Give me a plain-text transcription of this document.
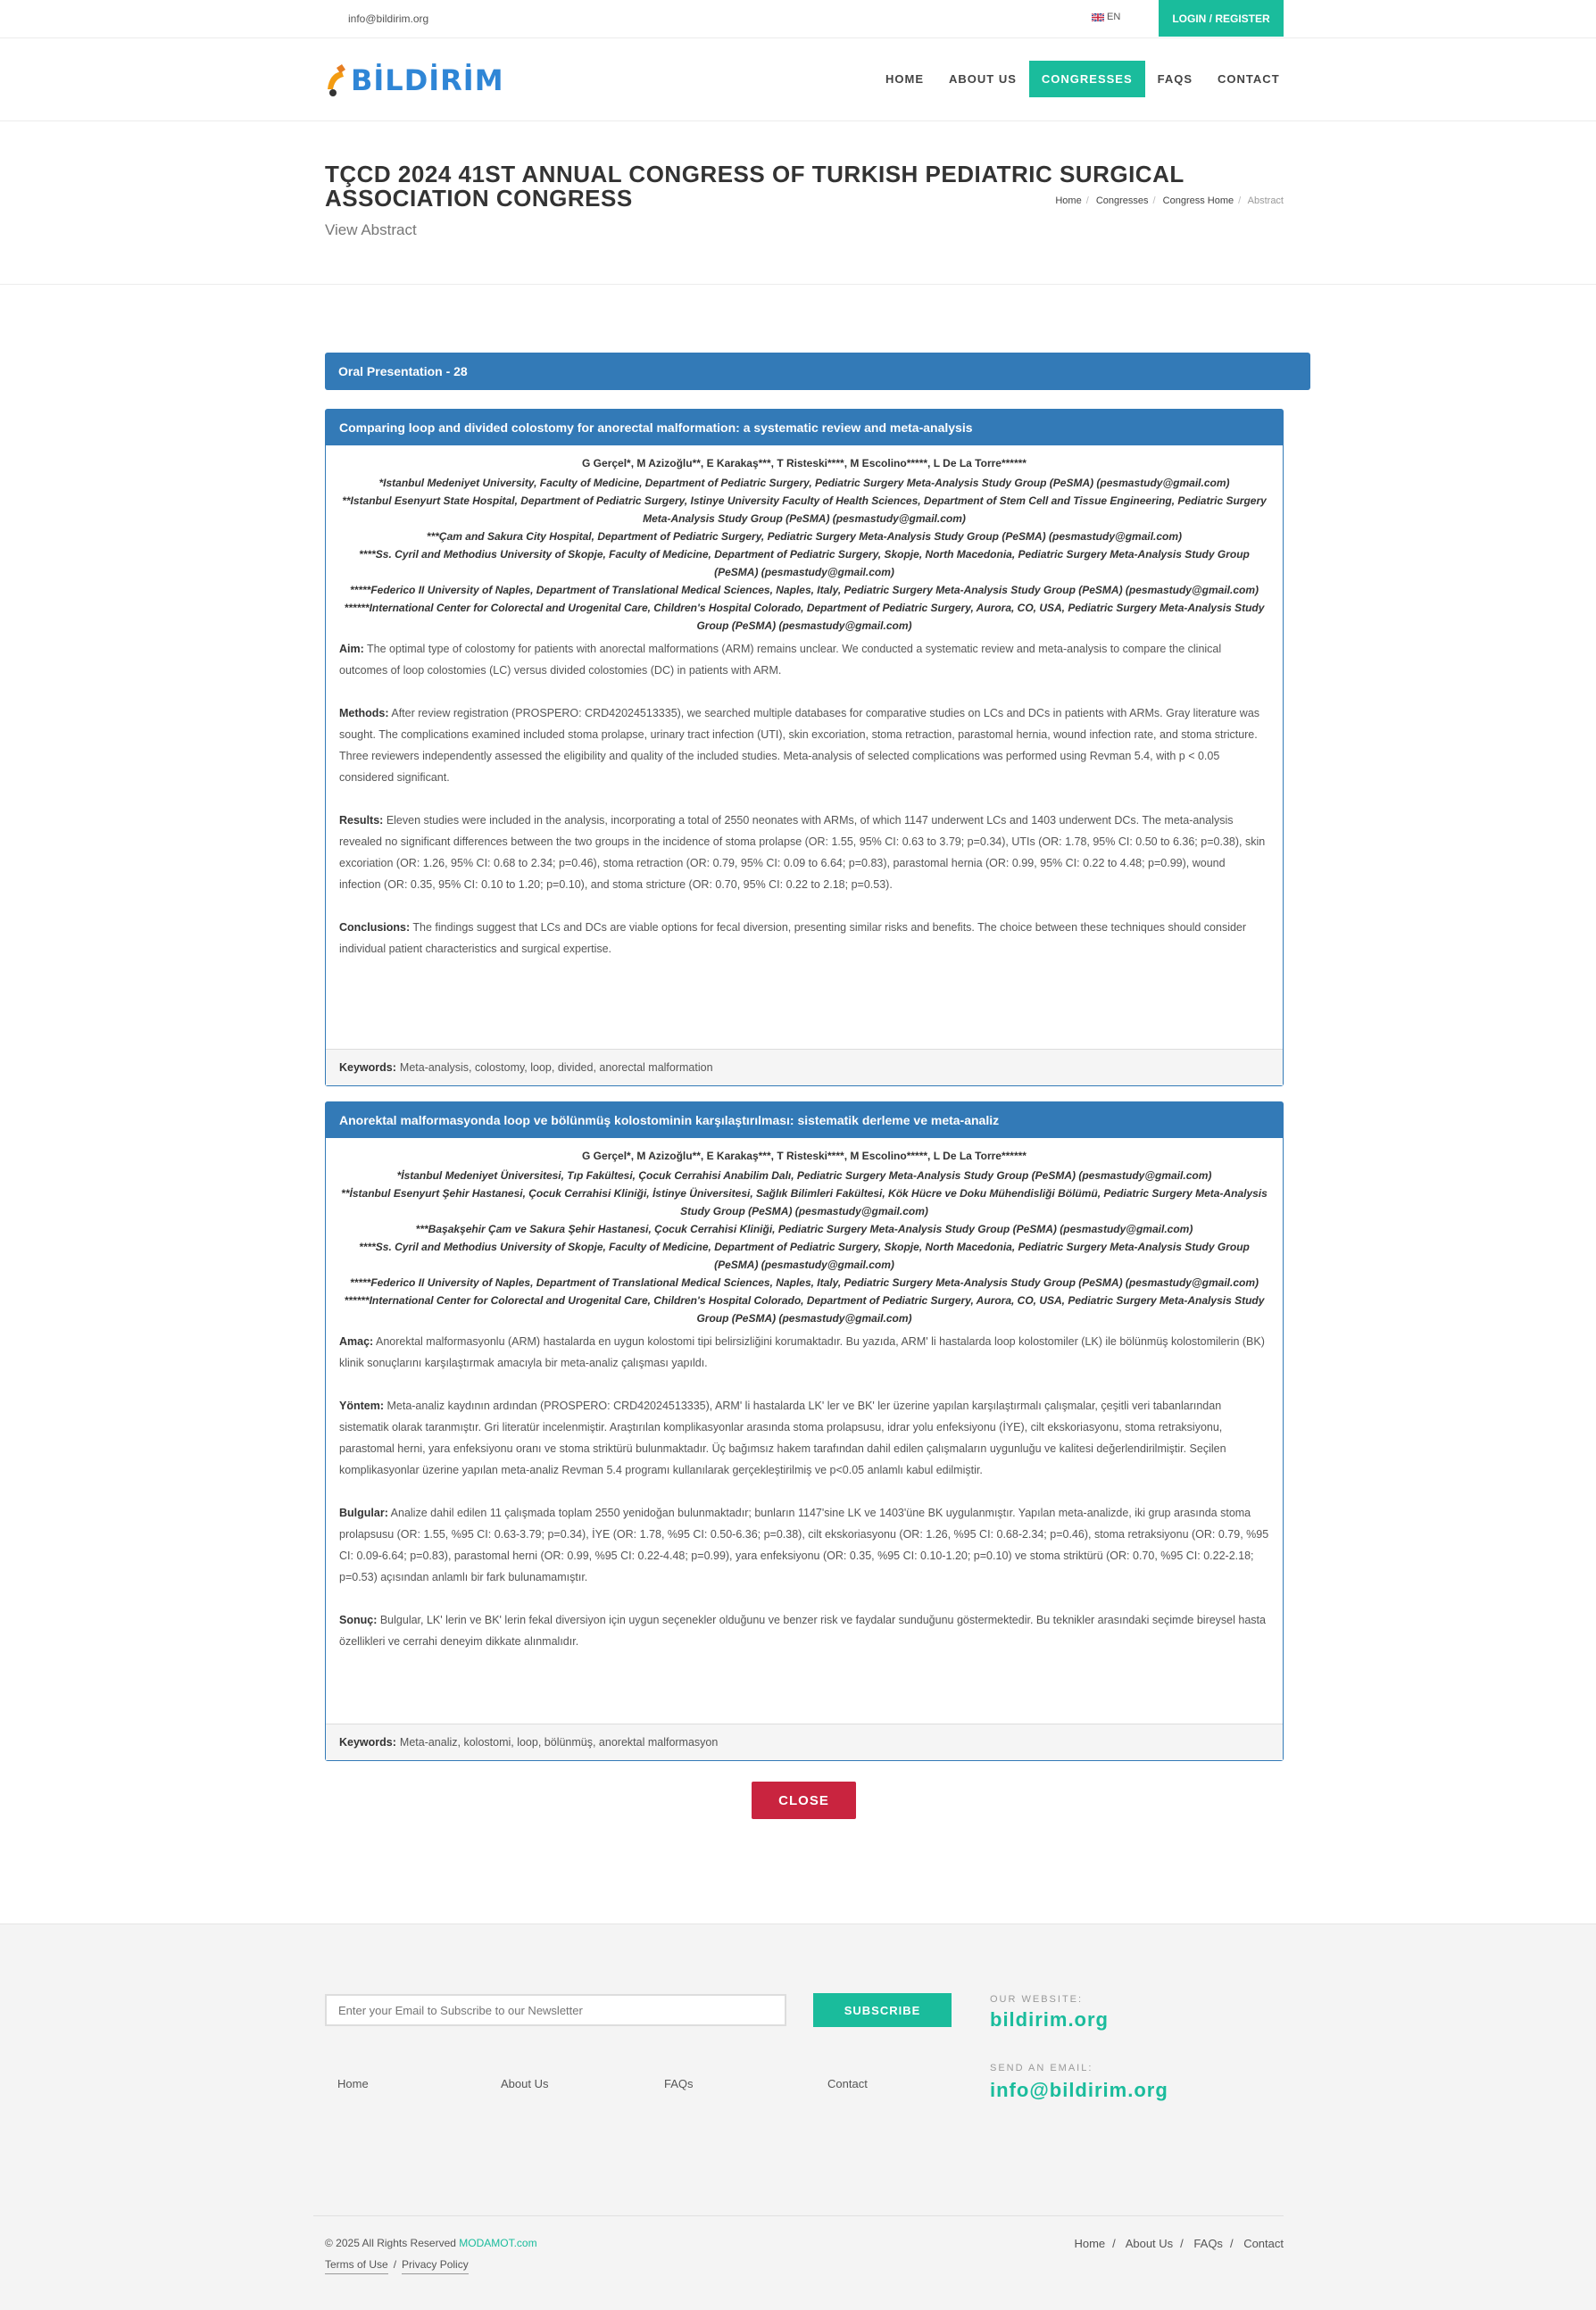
info@bildirim.org	EN	LOGIN / REGISTER
BİLDİRİM	HOME	ABOUT US	CONGRESSES	FAQS	CONTACT
TÇCD 2024 41ST ANNUAL CONGRESS OF TURKISH PEDIATRIC SURGICAL ASSOCIATION CONGRESS
View Abstract
Home / Congresses / Congress Home / Abstract
Oral Presentation - 28
Comparing loop and divided colostomy for anorectal malformation: a systematic review and meta-analysis
G Gerçel*, M Azizoğlu**, E Karakaş***, T Risteski****, M Escolino*****, L De La Torre******
*Istanbul Medeniyet University, Faculty of Medicine, Department of Pediatric Surgery, Pediatric Surgery Meta-Analysis Study Group (PeSMA) (pesmastudy@gmail.com)
**Istanbul Esenyurt State Hospital, Department of Pediatric Surgery, Istinye University Faculty of Health Sciences, Department of Stem Cell and Tissue Engineering, Pediatric Surgery Meta-Analysis Study Group (PeSMA) (pesmastudy@gmail.com)
***Çam and Sakura City Hospital, Department of Pediatric Surgery, Pediatric Surgery Meta-Analysis Study Group (PeSMA) (pesmastudy@gmail.com)
****Ss. Cyril and Methodius University of Skopje, Faculty of Medicine, Department of Pediatric Surgery, Skopje, North Macedonia, Pediatric Surgery Meta-Analysis Study Group (PeSMA) (pesmastudy@gmail.com)
*****Federico II University of Naples, Department of Translational Medical Sciences, Naples, Italy, Pediatric Surgery Meta-Analysis Study Group (PeSMA) (pesmastudy@gmail.com)
******International Center for Colorectal and Urogenital Care, Children's Hospital Colorado, Department of Pediatric Surgery, Aurora, CO, USA, Pediatric Surgery Meta-Analysis Study Group (PeSMA) (pesmastudy@gmail.com)
Aim: The optimal type of colostomy for patients with anorectal malformations (ARM) remains unclear. We conducted a systematic review and meta-analysis to compare the clinical outcomes of loop colostomies (LC) versus divided colostomies (DC) in patients with ARM.
Methods: After review registration (PROSPERO: CRD42024513335), we searched multiple databases for comparative studies on LCs and DCs in patients with ARMs. Gray literature was sought. The complications examined included stoma prolapse, urinary tract infection (UTI), skin excoriation, stoma retraction, parastomal hernia, wound infection rate, and stoma stricture. Three reviewers independently assessed the eligibility and quality of the included studies. Meta-analysis of selected complications was performed using Revman 5.4, with p < 0.05 considered significant.
Results: Eleven studies were included in the analysis, incorporating a total of 2550 neonates with ARMs, of which 1147 underwent LCs and 1403 underwent DCs. The meta-analysis revealed no significant differences between the two groups in the incidence of stoma prolapse (OR: 1.55, 95% CI: 0.63 to 3.79; p=0.34), UTIs (OR: 1.78, 95% CI: 0.50 to 6.36; p=0.38), skin excoriation (OR: 1.26, 95% CI: 0.68 to 2.34; p=0.46), stoma retraction (OR: 0.79, 95% CI: 0.09 to 6.64; p=0.83), parastomal hernia (OR: 0.99, 95% CI: 0.22 to 4.48; p=0.99), wound infection (OR: 0.35, 95% CI: 0.10 to 1.20; p=0.10), and stoma stricture (OR: 0.70, 95% CI: 0.22 to 2.18; p=0.53).
Conclusions: The findings suggest that LCs and DCs are viable options for fecal diversion, presenting similar risks and benefits. The choice between these techniques should consider individual patient characteristics and surgical expertise.
Keywords: Meta-analysis, colostomy, loop, divided, anorectal malformation
Anorektal malformasyonda loop ve bölünmüş kolostominin karşılaştırılması: sistematik derleme ve meta-analiz
G Gerçel*, M Azizoğlu**, E Karakaş***, T Risteski****, M Escolino*****, L De La Torre******
*İstanbul Medeniyet Üniversitesi, Tıp Fakültesi, Çocuk Cerrahisi Anabilim Dalı, Pediatric Surgery Meta-Analysis Study Group (PeSMA) (pesmastudy@gmail.com)
**İstanbul Esenyurt Şehir Hastanesi, Çocuk Cerrahisi Kliniği, İstinye Üniversitesi, Sağlık Bilimleri Fakültesi, Kök Hücre ve Doku Mühendisliği Bölümü, Pediatric Surgery Meta-Analysis Study Group (PeSMA) (pesmastudy@gmail.com)
***Başakşehir Çam ve Sakura Şehir Hastanesi, Çocuk Cerrahisi Kliniği, Pediatric Surgery Meta-Analysis Study Group (PeSMA) (pesmastudy@gmail.com)
****Ss. Cyril and Methodius University of Skopje, Faculty of Medicine, Department of Pediatric Surgery, Skopje, North Macedonia, Pediatric Surgery Meta-Analysis Study Group (PeSMA) (pesmastudy@gmail.com)
*****Federico II University of Naples, Department of Translational Medical Sciences, Naples, Italy, Pediatric Surgery Meta-Analysis Study Group (PeSMA) (pesmastudy@gmail.com)
******International Center for Colorectal and Urogenital Care, Children's Hospital Colorado, Department of Pediatric Surgery, Aurora, CO, USA, Pediatric Surgery Meta-Analysis Study Group (PeSMA) (pesmastudy@gmail.com)
Amaç: Anorektal malformasyonlu (ARM) hastalarda en uygun kolostomi tipi belirsizliğini korumaktadır. Bu yazıda, ARM' li hastalarda loop kolostomiler (LK) ile bölünmüş kolostomilerin (BK) klinik sonuçlarını karşılaştırmak amacıyla bir meta-analiz çalışması yapıldı.
Yöntem: Meta-analiz kaydının ardından (PROSPERO: CRD42024513335), ARM' li hastalarda LK' ler ve BK' ler üzerine yapılan karşılaştırmalı çalışmalar, çeşitli veri tabanlarından sistematik olarak taranmıştır. Gri literatür incelenmiştir. Araştırılan komplikasyonlar arasında stoma prolapsusu, idrar yolu enfeksiyonu (İYE), cilt ekskoriasyonu, stoma retraksiyonu, parastomal herni, yara enfeksiyonu oranı ve stoma striktürü bulunmaktadır. Üç bağımsız hakem tarafından dahil edilen çalışmaların uygunluğu ve kalitesi değerlendirilmiştir. Seçilen komplikasyonlar üzerine yapılan meta-analiz Revman 5.4 programı kullanılarak gerçekleştirilmiş ve p<0.05 anlamlı kabul edilmiştir.
Bulgular: Analize dahil edilen 11 çalışmada toplam 2550 yenidoğan bulunmaktadır; bunların 1147'sine LK ve 1403'üne BK uygulanmıştır. Yapılan meta-analizde, iki grup arasında stoma prolapsusu (OR: 1.55, %95 CI: 0.63-3.79; p=0.34), İYE (OR: 1.78, %95 CI: 0.50-6.36; p=0.38), cilt ekskoriasyonu (OR: 1.26, %95 CI: 0.68-2.34; p=0.46), stoma retraksiyonu (OR: 0.79, %95 CI: 0.09-6.64; p=0.83), parastomal herni (OR: 0.99, %95 CI: 0.22-4.48; p=0.99), yara enfeksiyonu (OR: 0.35, %95 CI: 0.10-1.20; p=0.10) ve stoma striktürü (OR: 0.70, %95 CI: 0.22-2.18; p=0.53) açısından anlamlı bir fark bulunamamıştır.
Sonuç: Bulgular, LK' lerin ve BK' lerin fekal diversiyon için uygun seçenekler olduğunu ve benzer risk ve faydalar sunduğunu göstermektedir. Bu teknikler arasındaki seçimde bireysel hasta özellikleri ve cerrahi deneyim dikkate alınmalıdır.
Keywords: Meta-analiz, kolostomi, loop, bölünmüş, anorektal malformasyon
CLOSE
Enter your Email to Subscribe to our Newsletter
SUBSCRIBE
Home	About Us	FAQs	Contact
OUR WEBSITE:
bildirim.org
SEND AN EMAIL:
info@bildirim.org
© 2025 All Rights Reserved MODAMOT.com
Terms of Use / Privacy Policy
Home / About Us / FAQs / Contact
